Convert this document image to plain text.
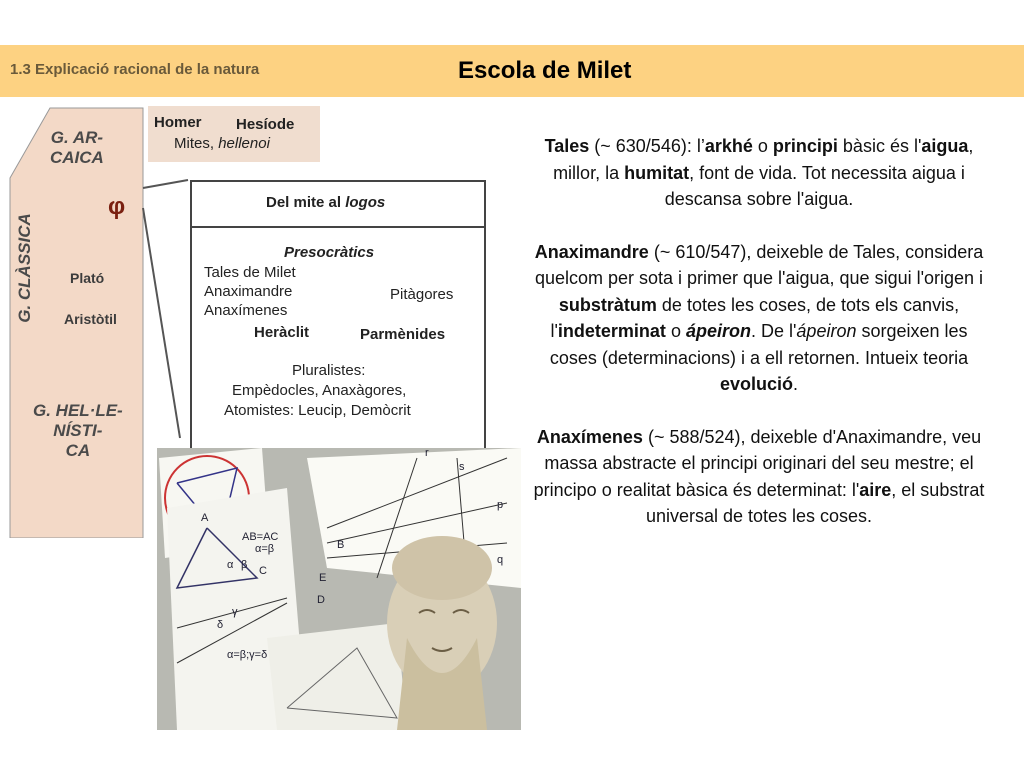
1.3 Explicació racional de la natura	Escola de Milet
G. AR-
CAICA
G. CLÀSSICA
φ
Plató
Aristòtil
G. HEL·LE-
NÍSTI-
CA
Homer Hesíode
Mites, hellenoi
Del mite al logos
Presocràtics
Tales de Milet
Anaximandre	Pitàgores
Anaxímenes
Heràclit	Parmènides
Pluralistes:
Empèdocles, Anaxàgores,
Atomistes: Leucip, Demòcrit

Tales (~ 630/546): l’arkhé o principi bàsic és l'aigua, millor, la humitat, font de vida. Tot necessita aigua i descansa sobre l'aigua.

Anaximandre (~ 610/547), deixeble de Tales, considera quelcom per sota i primer que l'aigua, que sigui l'origen i substràtum de totes les coses, de tots els canvis, l'indeterminat o ápeiron. De l'ápeiron sorgeixen les coses (determinacions) i a ell retornen. Intueix teoria evolució.

Anaxímenes (~ 588/524), deixeble d'Anaximandre, veu massa abstracte el principi originari del seu mestre; el principo o realitat bàsica és determinat: l'aire, el substrat universal de totes les coses.

A
B
C
D
E
r
s
p
q
AB=AC
α=β
α β
γ
δ
α=β;γ=δ
